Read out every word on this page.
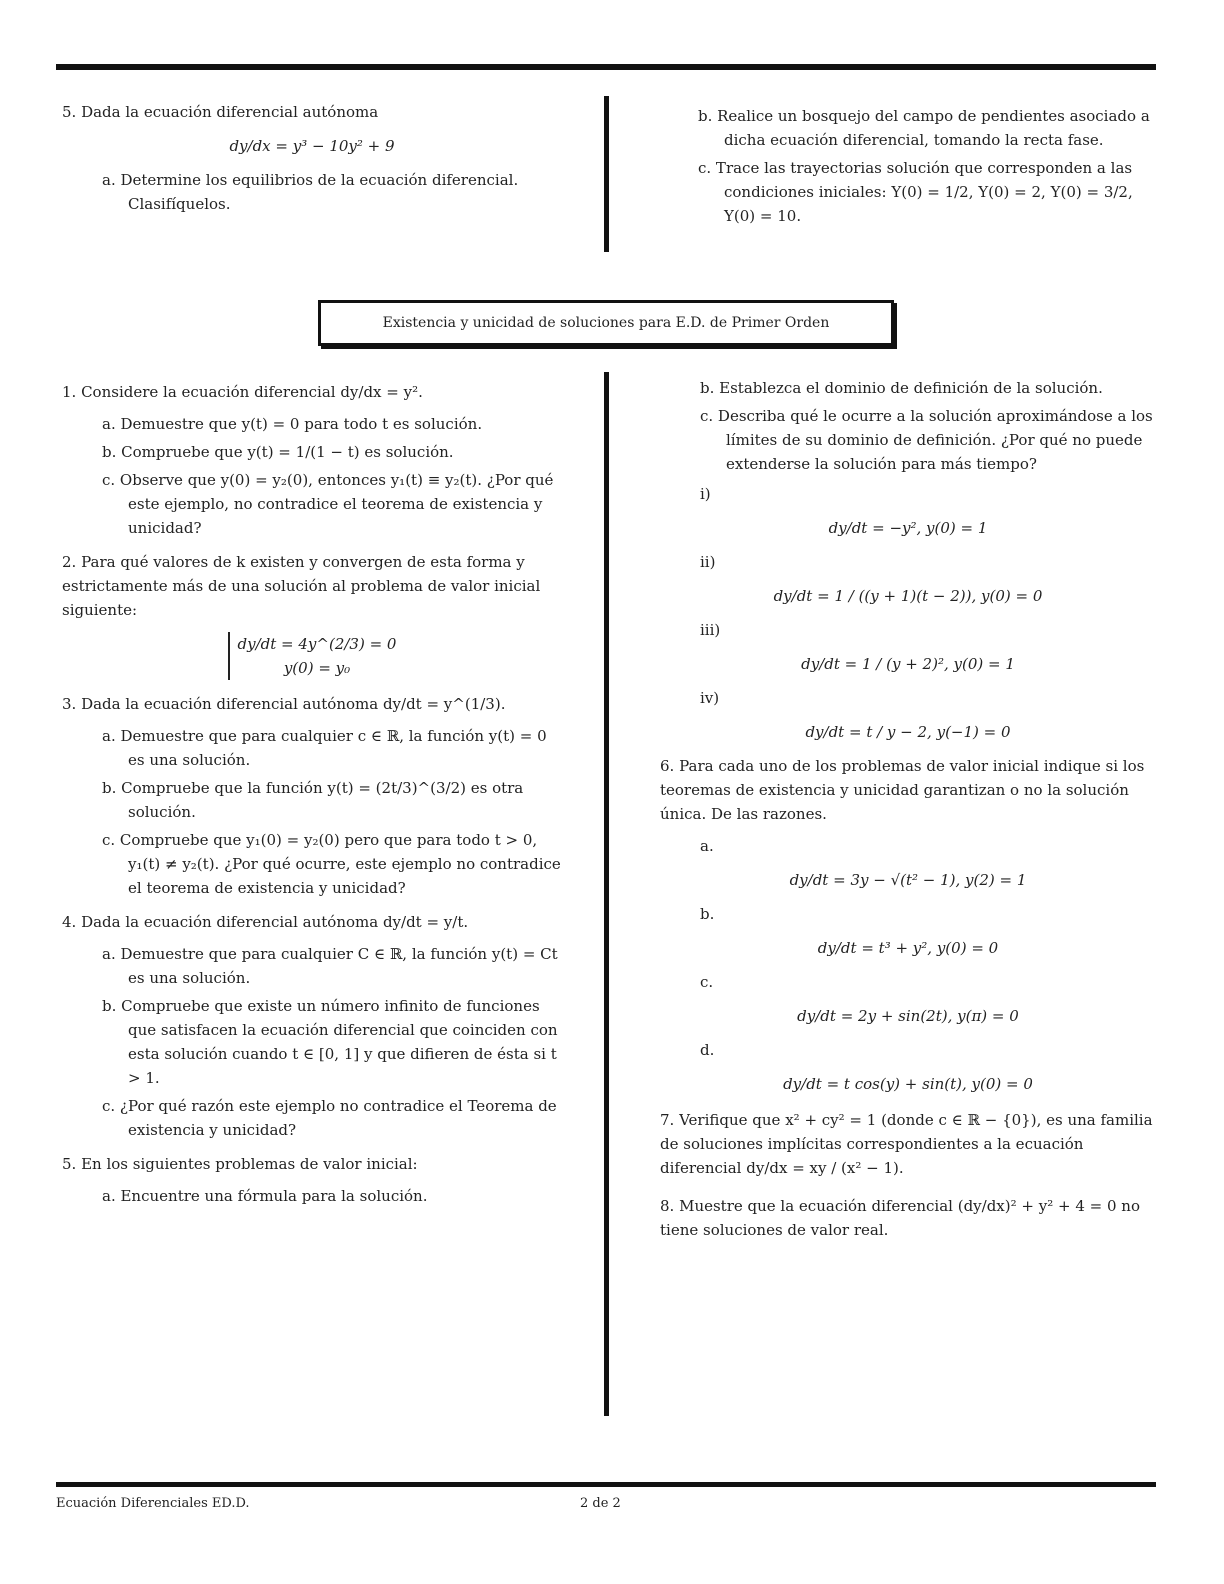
5. Dada la ecuación diferencial autónoma
dy/dx = y³ − 10y² + 9
a. Determine los equilibrios de la ecuación diferencial. Clasifíquelos.
b. Realice un bosquejo del campo de pendientes asociado a dicha ecuación diferencial, tomando la recta fase.
c. Trace las trayectorias solución que corresponden a las condiciones iniciales: Y(0) = 1/2, Y(0) = 2, Y(0) = 3/2, Y(0) = 10.
Existencia y unicidad de soluciones para E.D. de Primer Orden
1. Considere la ecuación diferencial dy/dx = y².
a. Demuestre que y(t) = 0 para todo t es solución.
b. Compruebe que y(t) = 1/(1 − t) es solución.
c. Observe que y(0) = y₂(0), entonces y₁(t) ≡ y₂(t). ¿Por qué este ejemplo, no contradice el teorema de existencia y unicidad?
2. Para qué valores de k existen y convergen de esta forma y estrictamente más de una solución al problema de valor inicial siguiente:
dy/dt = 4y^(2/3) = 0
y(0) = y₀
3. Dada la ecuación diferencial autónoma dy/dt = y^(1/3).
a. Demuestre que para cualquier c ∈ ℝ, la función y(t) = 0 es una solución.
b. Compruebe que la función y(t) = (2t/3)^(3/2) es otra solución.
c. Compruebe que y₁(0) = y₂(0) pero que para todo t > 0, y₁(t) ≠ y₂(t). ¿Por qué ocurre, este ejemplo no contradice el teorema de existencia y unicidad?
4. Dada la ecuación diferencial autónoma dy/dt = y/t.
a. Demuestre que para cualquier C ∈ ℝ, la función y(t) = Ct es una solución.
b. Compruebe que existe un número infinito de funciones que satisfacen la ecuación diferencial que coinciden con esta solución cuando t ∈ [0, 1] y que difieren de ésta si t > 1.
c. ¿Por qué razón este ejemplo no contradice el Teorema de existencia y unicidad?
5. En los siguientes problemas de valor inicial:
a. Encuentre una fórmula para la solución.
b. Establezca el dominio de definición de la solución.
c. Describa qué le ocurre a la solución aproximándose a los límites de su dominio de definición. ¿Por qué no puede extenderse la solución para más tiempo?
i)
dy/dt = −y², y(0) = 1
ii)
dy/dt = 1 / ((y + 1)(t − 2)), y(0) = 0
iii)
dy/dt = 1 / (y + 2)², y(0) = 1
iv)
dy/dt = t / y − 2, y(−1) = 0
6. Para cada uno de los problemas de valor inicial indique si los teoremas de existencia y unicidad garantizan o no la solución única. De las razones.
a.
dy/dt = 3y − √(t² − 1), y(2) = 1
b.
dy/dt = t³ + y², y(0) = 0
c.
dy/dt = 2y + sin(2t), y(π) = 0
d.
dy/dt = t cos(y) + sin(t), y(0) = 0
7. Verifique que x² + cy² = 1 (donde c ∈ ℝ − {0}), es una familia de soluciones implícitas correspondientes a la ecuación diferencial dy/dx = xy / (x² − 1).
8. Muestre que la ecuación diferencial (dy/dx)² + y² + 4 = 0 no tiene soluciones de valor real.
Ecuación Diferenciales ED.D.	2 de 2
